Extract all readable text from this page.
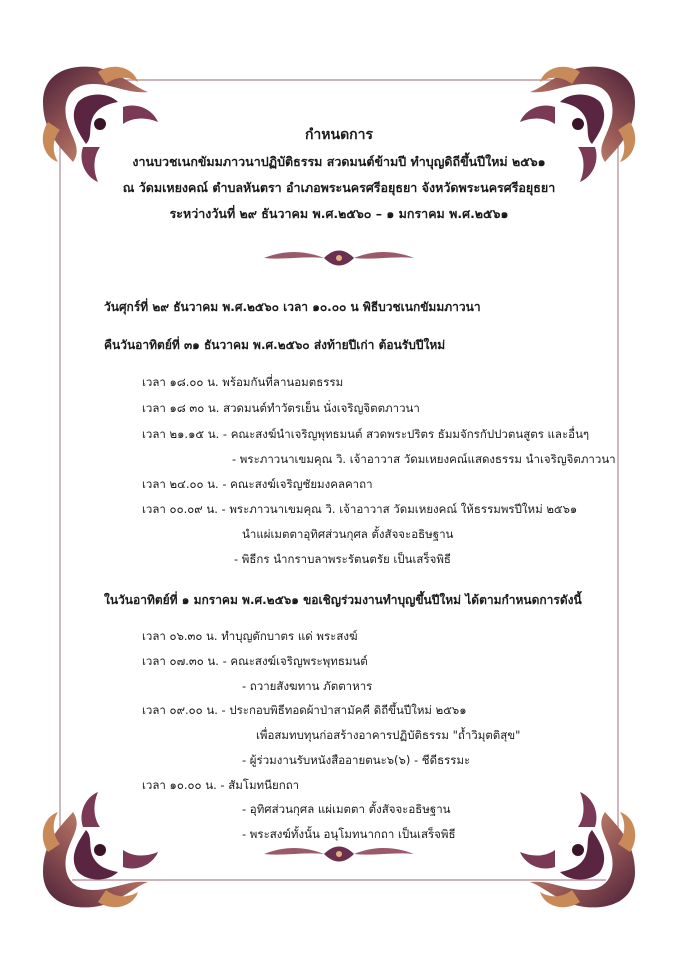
กำหนดการ
งานบวชเนกขัมมภาวนาปฏิบัติธรรม สวดมนต์ข้ามปี ทำบุญดิถีขึ้นปีใหม่ ๒๕๖๑
ณ วัดมเหยงคณ์ ตำบลหันตรา อำเภอพระนครศรีอยุธยา จังหวัดพระนครศรีอยุธยา
ระหว่างวันที่ ๒๙ ธันวาคม พ.ศ.๒๕๖๐ – ๑ มกราคม พ.ศ.๒๕๖๑
วันศุกร์ที่ ๒๙ ธันวาคม พ.ศ.๒๕๖๐ เวลา ๑๐.๐๐ น พิธีบวชเนกขัมมภาวนา
คืนวันอาทิตย์ที่ ๓๑ ธันวาคม พ.ศ.๒๕๖๐ ส่งท้ายปีเก่า ต้อนรับปีใหม่
เวลา ๑๘.๐๐ น. พร้อมกันที่ลานอมตธรรม
เวลา ๑๘ ๓๐ น. สวดมนต์ทำวัตรเย็น นั่งเจริญจิตตภาวนา
เวลา ๒๑.๑๕ น. - คณะสงฆ์นำเจริญพุทธมนต์ สวดพระปริตร ธัมมจักรกัปปวตนสูตร และอื่นๆ
- พระภาวนาเขมคุณ วิ. เจ้าอาวาส วัดมเหยงคณ์แสดงธรรม นำเจริญจิตภาวนา
เวลา ๒๔.๐๐ น. - คณะสงฆ์เจริญชัยมงคลคาถา
เวลา ๐๐.๐๙ น. - พระภาวนาเขมคุณ วิ. เจ้าอาวาส วัดมเหยงคณ์ ให้ธรรมพรปีใหม่ ๒๕๖๑
นำแผ่เมตตาอุทิศส่วนกุศล ตั้งสัจจะอธิษฐาน
- พิธีกร นำกราบลาพระรัตนตรัย เป็นเสร็จพิธี
ในวันอาทิตย์ที่ ๑ มกราคม พ.ศ.๒๕๖๑ ขอเชิญร่วมงานทำบุญขึ้นปีใหม่ ได้ตามกำหนดการดังนี้
เวลา ๐๖.๓๐ น. ทำบุญตักบาตร แด่ พระสงฆ์
เวลา ๐๗.๓๐ น. - คณะสงฆ์เจริญพระพุทธมนต์
- ถวายสังฆทาน ภัตตาหาร
เวลา ๐๙.๐๐ น. - ประกอบพิธีทอดผ้าป่าสามัคคี ดิถีขึ้นปีใหม่ ๒๕๖๑
เพื่อสมทบทุนก่อสร้างอาคารปฏิบัติธรรม "ถ้ำวิมุตติสุข"
- ผู้ร่วมงานรับหนังสืออายตนะ๖(๖) - ชีดีธรรมะ
เวลา ๑๐.๐๐ น. - สัมโมทนียกถา
- อุทิศส่วนกุศล แผ่เมตตา ตั้งสัจจะอธิษฐาน
- พระสงฆ์ทั้งนั้น อนุโมทนากถา เป็นเสร็จพิธี
